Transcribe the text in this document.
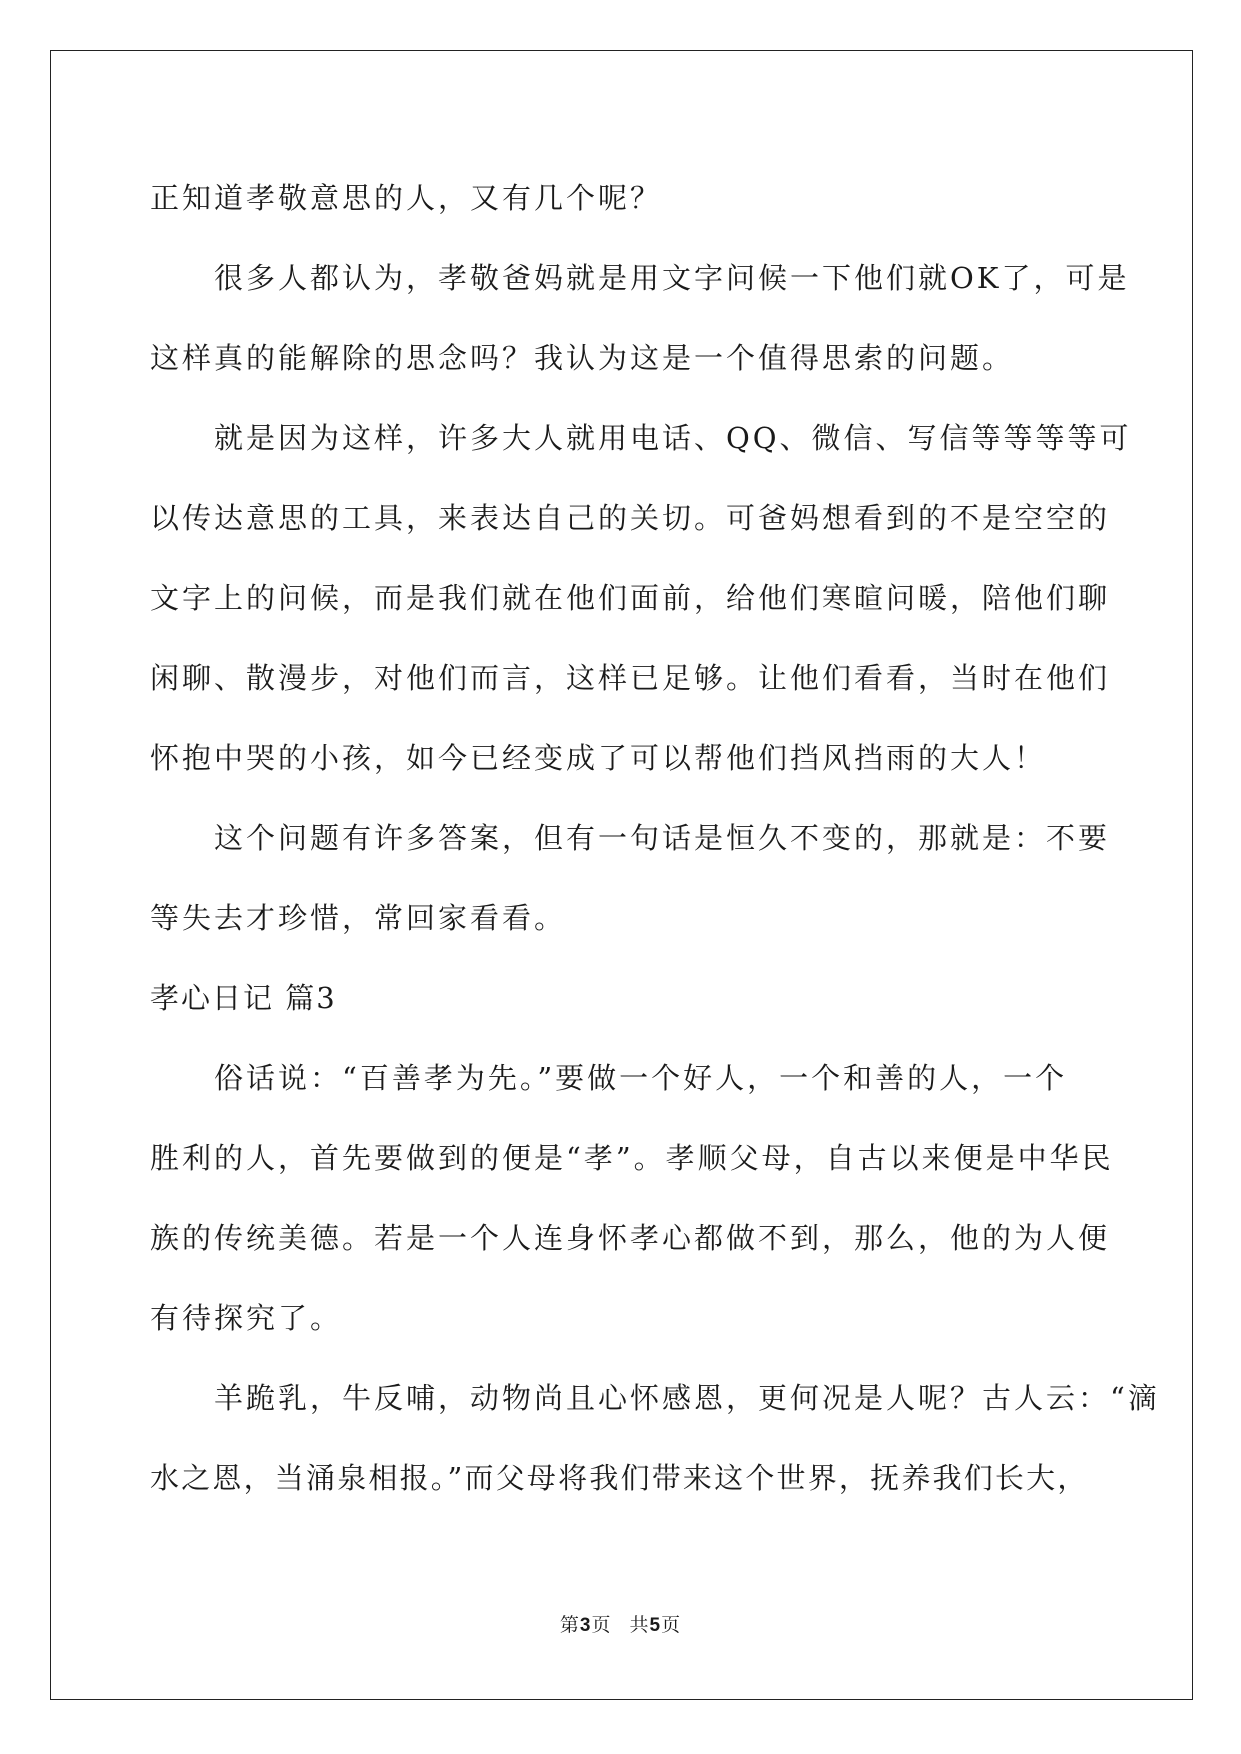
正知道孝敬意思的人，又有几个呢？
很多人都认为，孝敬爸妈就是用文字问候一下他们就OK了，可是
这样真的能解除的思念吗？我认为这是一个值得思索的问题。
就是因为这样，许多大人就用电话、QQ、微信、写信等等等等可
以传达意思的工具，来表达自己的关切。可爸妈想看到的不是空空的
文字上的问候，而是我们就在他们面前，给他们寒暄问暖，陪他们聊
闲聊、散漫步，对他们而言，这样已足够。让他们看看，当时在他们
怀抱中哭的小孩，如今已经变成了可以帮他们挡风挡雨的大人！
这个问题有许多答案，但有一句话是恒久不变的，那就是：不要
等失去才珍惜，常回家看看。
孝心日记 篇3
俗话说：“百善孝为先。”要做一个好人，一个和善的人，一个
胜利的人，首先要做到的便是“孝”。孝顺父母，自古以来便是中华民
族的传统美德。若是一个人连身怀孝心都做不到，那么，他的为人便
有待探究了。
羊跪乳，牛反哺，动物尚且心怀感恩，更何况是人呢？古人云：“滴
水之恩，当涌泉相报。”而父母将我们带来这个世界，抚养我们长大，
第3页 共5页
